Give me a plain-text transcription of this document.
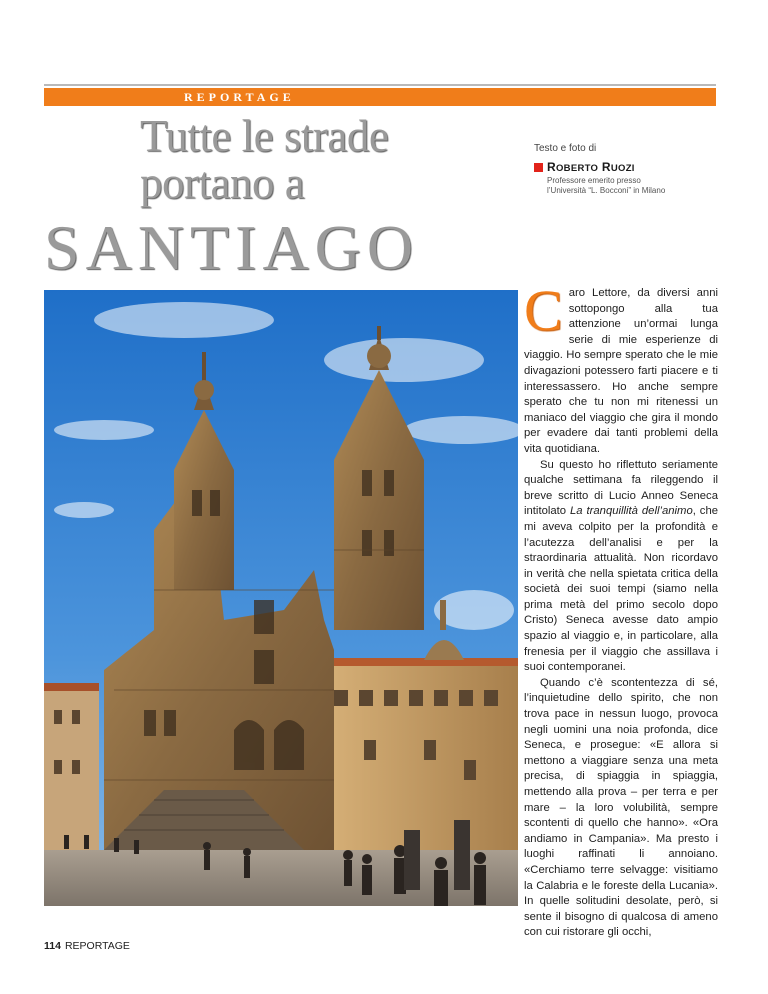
REPORTAGE
Tutte le strade
portano a
SANTIAGO
Testo e foto di
ROBERTO RUOZI
Professore emerito presso
l’Università “L. Bocconi” in Milano

Caro Lettore, da diversi anni sottopongo alla tua attenzione un’ormai lunga serie di mie esperienze di viaggio. Ho sempre sperato che le mie divagazioni potessero farti piacere e ti interessassero. Ho anche sempre sperato che tu non mi ritenessi un maniaco del viaggio che gira il mondo per evadere dai tanti problemi della vita quotidiana.

Su questo ho riflettuto seriamente qualche settimana fa rileggendo il breve scritto di Lucio Anneo Seneca intitolato La tranquillità dell’animo, che mi aveva colpito per la profondità e l’acutezza dell’analisi e per la straordinaria attualità. Non ricordavo in verità che nella spietata critica della società dei suoi tempi (siamo nella prima metà del primo secolo dopo Cristo) Seneca avesse dato ampio spazio al viaggio e, in particolare, alla frenesia per il viaggio che assillava i suoi contemporanei.

Quando c’è scontentezza di sé, l’inquietudine dello spirito, che non trova pace in nessun luogo, provoca negli uomini una noia profonda, dice Seneca, e prosegue: «E allora si mettono a viaggiare senza una meta precisa, di spiaggia in spiaggia, mettendo alla prova – per terra e per mare – la loro volubilità, sempre scontenti di quello che hanno». «Ora andiamo in Campania». Ma presto i luoghi raffinati li annoiano. «Cerchiamo terre selvagge: visitiamo la Calabria e le foreste della Lucania». In quelle solitudini desolate, però, si sente il bisogno di qualcosa di ameno con cui ristorare gli occhi,

114 REPORTAGE
